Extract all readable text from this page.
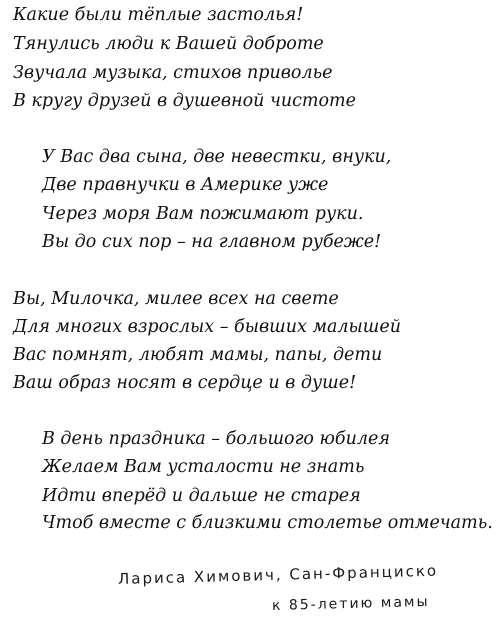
Какие были тёплые застолья!
Тянулись люди к Вашей доброте
Звучала музыка, стихов приволье
В кругу друзей в душевной чистоте
У Вас два сына, две невестки, внуки,
Две правнучки в Америке уже
Через моря Вам пожимают руки.
Вы до сих пор – на главном рубеже!
Вы, Милочка, милее всех на свете
Для многих взрослых – бывших малышей
Вас помнят, любят мамы, папы, дети
Ваш образ носят в сердце и в душе!
В день праздника – большого юбилея
Желаем Вам усталости не знать
Идти вперёд и дальше не старея
Чтоб вместе с близкими столетье отмечать.
Лариса Химович, Сан-Франциско
к 85-летию мамы
